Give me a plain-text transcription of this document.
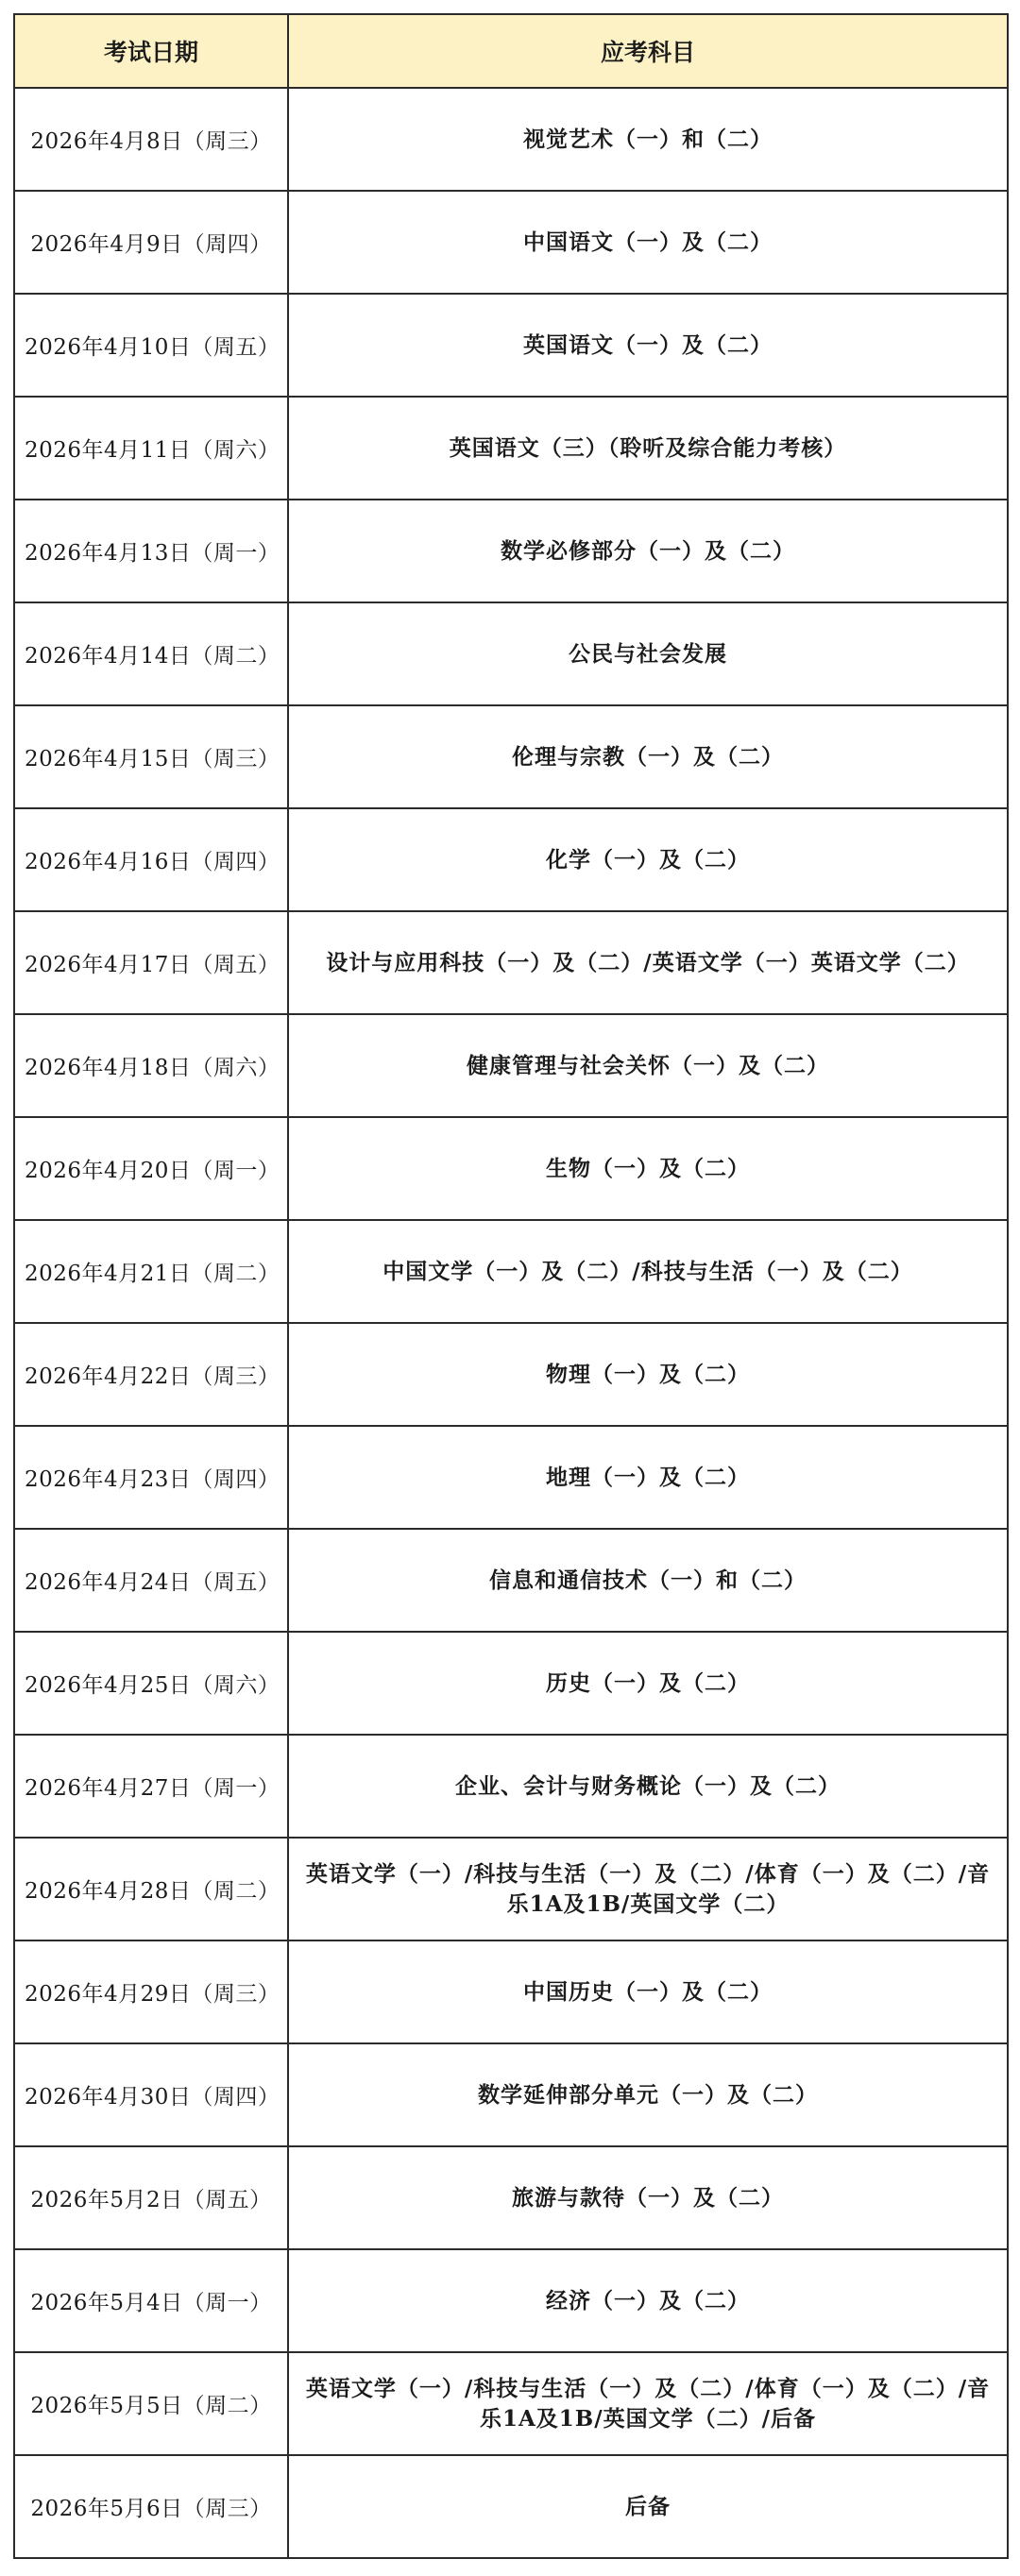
考试日期	应考科目
2026年4月8日（周三）	视觉艺术（一）和（二）
2026年4月9日（周四）	中国语文（一）及（二）
2026年4月10日（周五）	英国语文（一）及（二）
2026年4月11日（周六）	英国语文（三）（聆听及综合能力考核）
2026年4月13日（周一）	数学必修部分（一）及（二）
2026年4月14日（周二）	公民与社会发展
2026年4月15日（周三）	伦理与宗教（一）及（二）
2026年4月16日（周四）	化学（一）及（二）
2026年4月17日（周五）	设计与应用科技（一）及（二）/英语文学（一）英语文学（二）
2026年4月18日（周六）	健康管理与社会关怀（一）及（二）
2026年4月20日（周一）	生物（一）及（二）
2026年4月21日（周二）	中国文学（一）及（二）/科技与生活（一）及（二）
2026年4月22日（周三）	物理（一）及（二）
2026年4月23日（周四）	地理（一）及（二）
2026年4月24日（周五）	信息和通信技术（一）和（二）
2026年4月25日（周六）	历史（一）及（二）
2026年4月27日（周一）	企业、会计与财务概论（一）及（二）
2026年4月28日（周二）	英语文学（一）/科技与生活（一）及（二）/体育（一）及（二）/音乐1A及1B/英国文学（二）
2026年4月29日（周三）	中国历史（一）及（二）
2026年4月30日（周四）	数学延伸部分单元（一）及（二）
2026年5月2日（周五）	旅游与款待（一）及（二）
2026年5月4日（周一）	经济（一）及（二）
2026年5月5日（周二）	英语文学（一）/科技与生活（一）及（二）/体育（一）及（二）/音乐1A及1B/英国文学（二）/后备
2026年5月6日（周三）	后备
